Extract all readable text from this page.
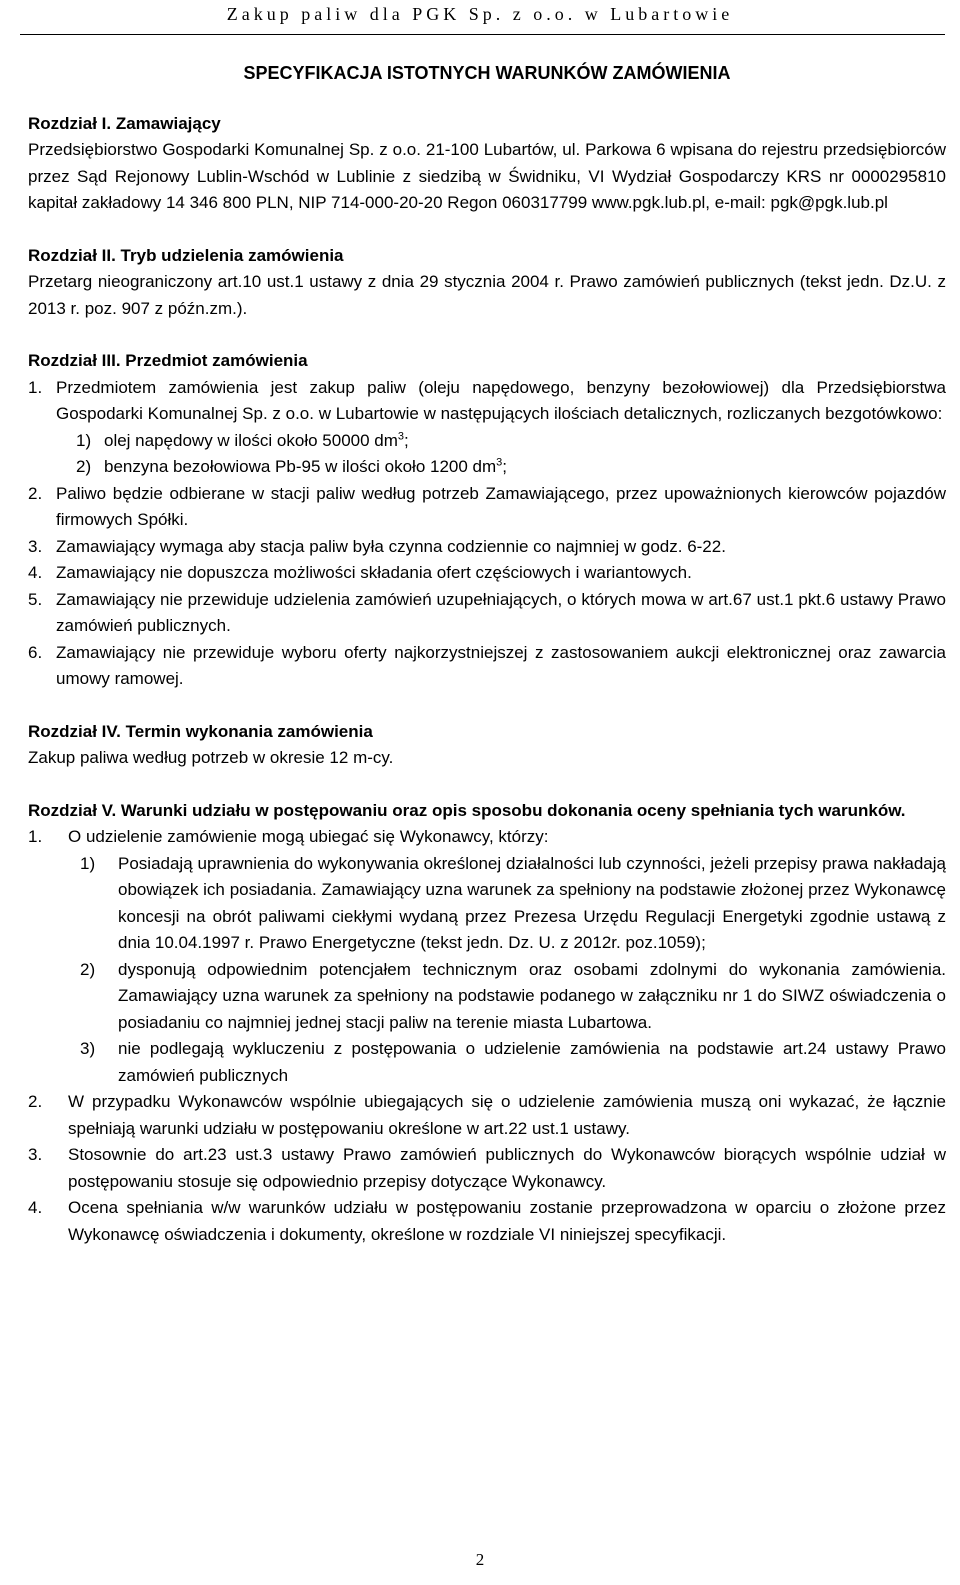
Zakup paliw dla PGK Sp. z o.o. w Lubartowie
SPECYFIKACJA ISTOTNYCH WARUNKÓW ZAMÓWIENIA
Rozdział I. Zamawiający

Przedsiębiorstwo Gospodarki Komunalnej Sp. z o.o. 21-100 Lubartów, ul. Parkowa 6 wpisana do rejestru przedsiębiorców przez Sąd Rejonowy Lublin-Wschód w Lublinie z siedzibą w Świdniku, VI Wydział Gospodarczy KRS nr 0000295810 kapitał zakładowy 14 346 800 PLN, NIP 714-000-20-20 Regon 060317799 www.pgk.lub.pl, e-mail: pgk@pgk.lub.pl

Rozdział II. Tryb udzielenia zamówienia

Przetarg nieograniczony art.10 ust.1 ustawy z dnia 29 stycznia 2004 r. Prawo zamówień publicznych (tekst jedn. Dz.U. z 2013 r. poz. 907 z późn.zm.).

Rozdział III. Przedmiot zamówienia
1. Przedmiotem zamówienia jest zakup paliw (oleju napędowego, benzyny bezołowiowej) dla Przedsiębiorstwa Gospodarki Komunalnej Sp. z o.o. w Lubartowie w następujących ilościach detalicznych, rozliczanych bezgotówkowo:
1) olej napędowy w ilości około 50000 $dm^3$;
2) benzyna bezołowiowa Pb-95 w ilości około 1200 $dm^3$;
2. Paliwo będzie odbierane w stacji paliw według potrzeb Zamawiającego, przez upoważnionych kierowców pojazdów firmowych Spółki.
3. Zamawiający wymaga aby stacja paliw była czynna codziennie co najmniej w godz. 6-22.
4. Zamawiający nie dopuszcza możliwości składania ofert częściowych i wariantowych.
5. Zamawiający nie przewiduje udzielenia zamówień uzupełniających, o których mowa w art.67 ust.1 pkt.6 ustawy Prawo zamówień publicznych.
6. Zamawiający nie przewiduje wyboru oferty najkorzystniejszej z zastosowaniem aukcji elektronicznej oraz zawarcia umowy ramowej.
Rozdział IV. Termin wykonania zamówienia

Zakup paliwa według potrzeb w okresie 12 m-cy.

Rozdział V. Warunki udziału w postępowaniu oraz opis sposobu dokonania oceny spełniania tych warunków.
1. O udzielenie zamówienie mogą ubiegać się Wykonawcy, którzy:
1) Posiadają uprawnienia do wykonywania określonej działalności lub czynności, jeżeli przepisy prawa nakładają obowiązek ich posiadania. Zamawiający uzna warunek za spełniony na podstawie złożonej przez Wykonawcę koncesji na obrót paliwami ciekłymi wydaną przez Prezesa Urzędu Regulacji Energetyki zgodnie ustawą z dnia 10.04.1997 r. Prawo Energetyczne (tekst jedn. Dz. U. z 2012r. poz.1059);
2) dysponują odpowiednim potencjałem technicznym oraz osobami zdolnymi do wykonania zamówienia. Zamawiający uzna warunek za spełniony na podstawie podanego w załączniku nr 1 do SIWZ oświadczenia o posiadaniu co najmniej jednej stacji paliw na terenie miasta Lubartowa.
3) nie podlegają wykluczeniu z postępowania o udzielenie zamówienia na podstawie art.24 ustawy Prawo zamówień publicznych
2. W przypadku Wykonawców wspólnie ubiegających się o udzielenie zamówienia muszą oni wykazać, że łącznie spełniają warunki udziału w postępowaniu określone w art.22 ust.1 ustawy.
3. Stosownie do art.23 ust.3 ustawy Prawo zamówień publicznych do Wykonawców biorących wspólnie udział w postępowaniu stosuje się odpowiednio przepisy dotyczące Wykonawcy.
4. Ocena spełniania w/w warunków udziału w postępowaniu zostanie przeprowadzona w oparciu o złożone przez Wykonawcę oświadczenia i dokumenty, określone w rozdziale VI niniejszej specyfikacji.
2
